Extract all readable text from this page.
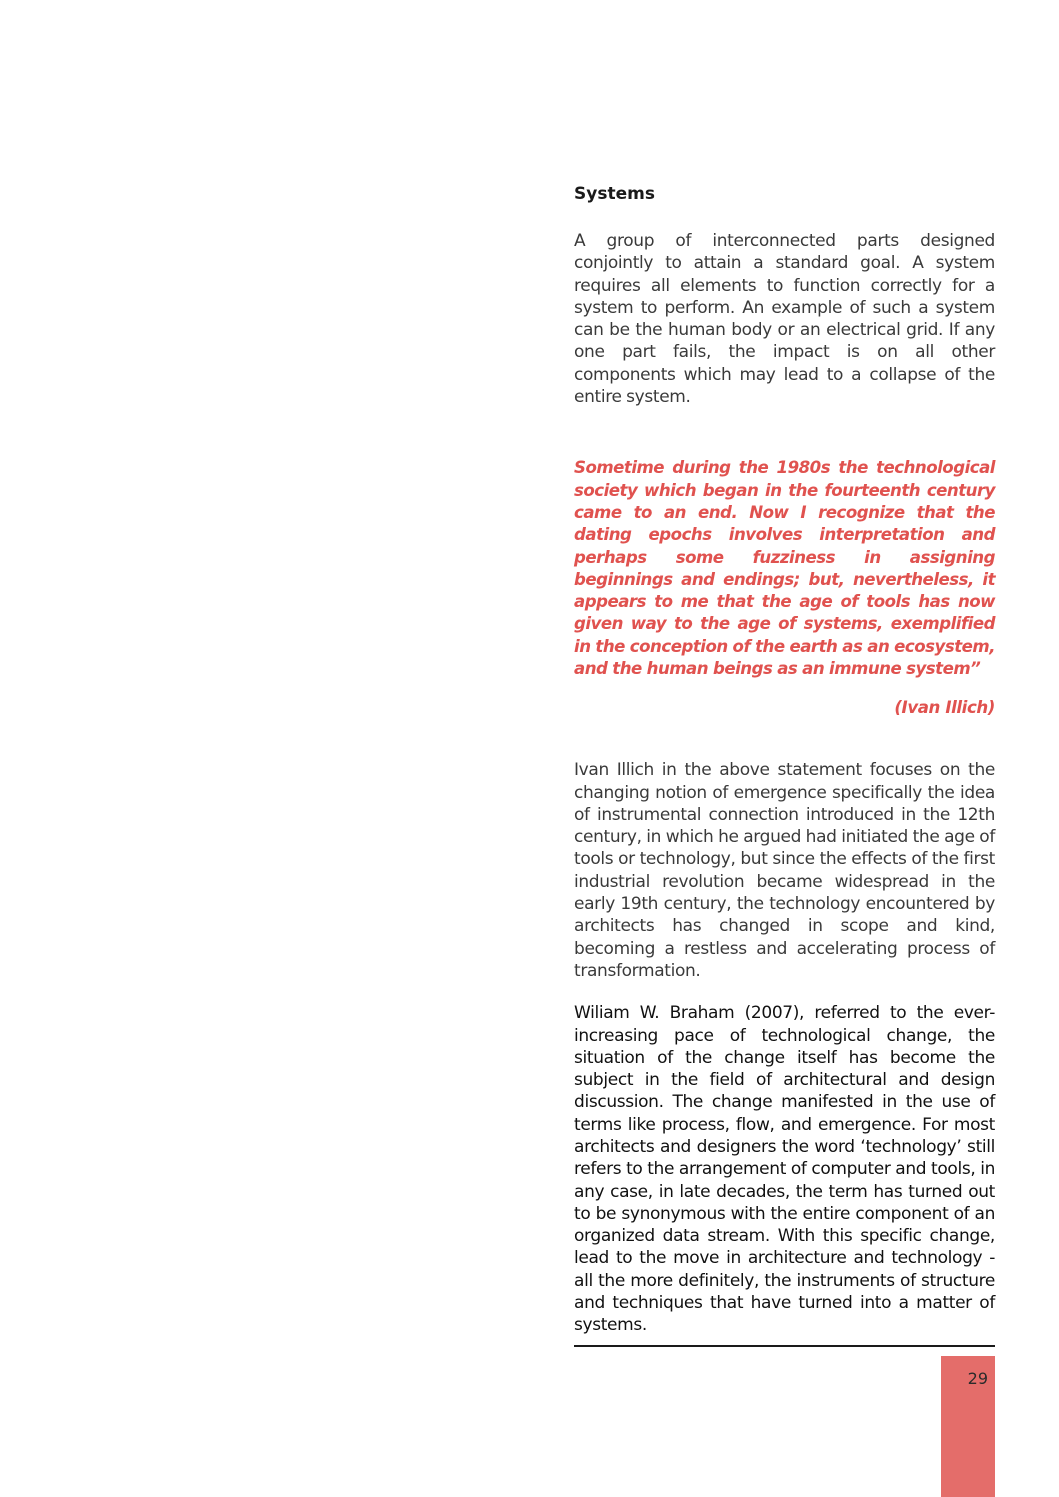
Systems

A group of interconnected parts designed conjointly to attain a standard goal. A system requires all elements to function correctly for a system to perform. An example of such a system can be the human body or an electrical grid. If any one part fails, the impact is on all other components which may lead to a collapse of the entire system.

Sometime during the 1980s the technological society which began in the fourteenth century came to an end. Now I recognize that the dating epochs involves interpretation and perhaps some fuzziness in assigning beginnings and endings; but, nevertheless, it appears to me that the age of tools has now given way to the age of systems, exemplified in the conception of the earth as an ecosystem, and the human beings as an immune system”

(Ivan Illich)

Ivan Illich in the above statement focuses on the changing notion of emergence specifically the idea of instrumental connection introduced in the 12th century, in which he argued had initiated the age of tools or technology, but since the effects of the first industrial revolution became widespread in the early 19th century, the technology encountered by architects has changed in scope and kind, becoming a restless and accelerating process of transformation.

Wiliam W. Braham (2007), referred to the ever-increasing pace of technological change, the situation of the change itself has become the subject in the field of architectural and design discussion. The change manifested in the use of terms like process, flow, and emergence. For most architects and designers the word ‘technology’ still refers to the arrangement of computer and tools, in any case, in late decades, the term has turned out to be synonymous with the entire component of an organized data stream. With this specific change, lead to the move in architecture and technology - all the more definitely, the instruments of structure and techniques that have turned into a matter of systems.

29
